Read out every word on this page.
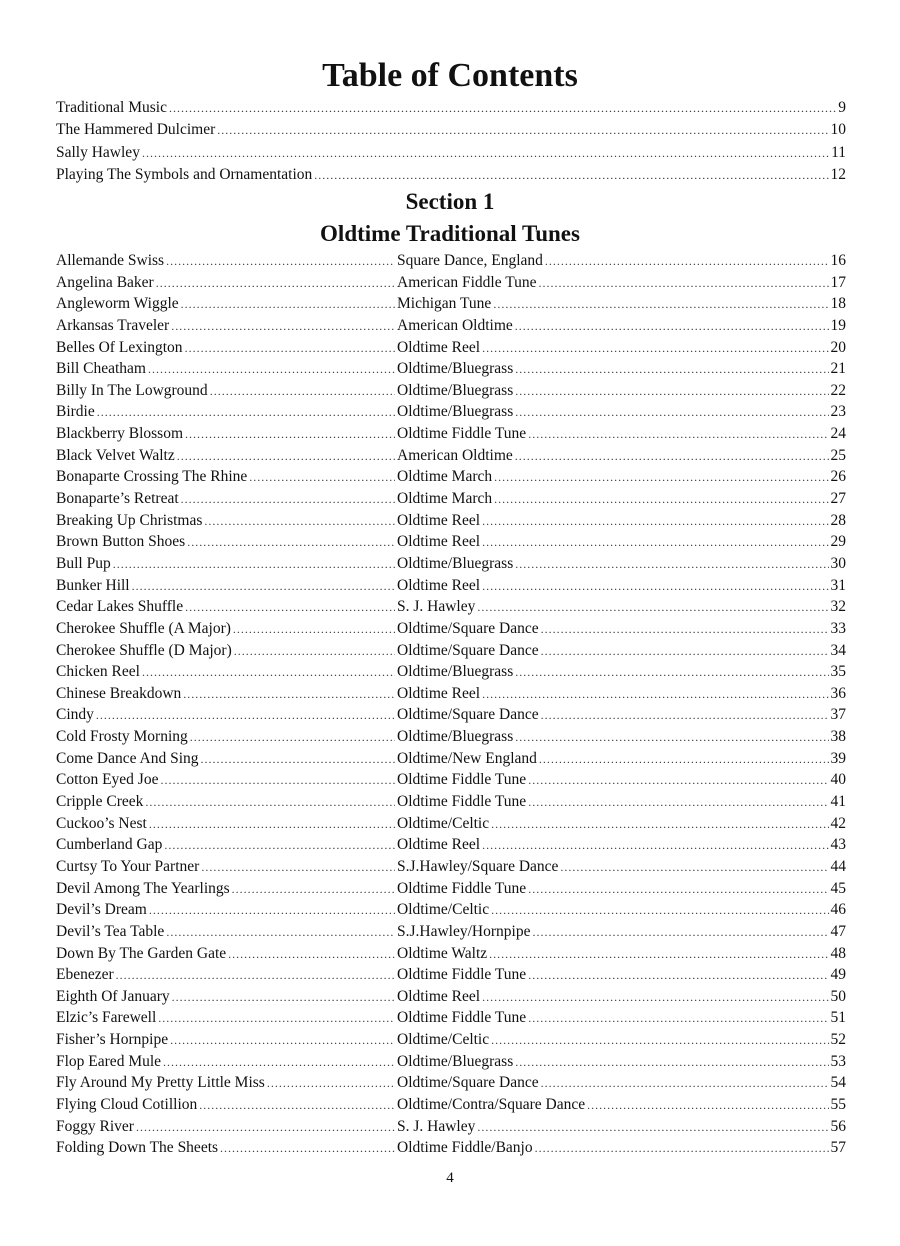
Table of Contents
Traditional Music .....	9
The Hammered Dulcimer .....	10
Sally Hawley .....	11
Playing The Symbols and Ornamentation .....	12
Section 1
Oldtime Traditional Tunes
Allemande Swiss .....	Square Dance, England .....	16
Angelina Baker .....	American Fiddle Tune .....	17
Angleworm Wiggle .....	Michigan Tune .....	18
Arkansas Traveler .....	American Oldtime .....	19
Belles Of Lexington .....	Oldtime Reel .....	20
Bill Cheatham .....	Oldtime/Bluegrass .....	21
Billy In The Lowground .....	Oldtime/Bluegrass .....	22
Birdie .....	Oldtime/Bluegrass .....	23
Blackberry Blossom .....	Oldtime Fiddle Tune .....	24
Black Velvet Waltz .....	American Oldtime .....	25
Bonaparte Crossing The Rhine .....	Oldtime March .....	26
Bonaparte’s Retreat .....	Oldtime March .....	27
Breaking Up Christmas .....	Oldtime Reel .....	28
Brown Button Shoes .....	Oldtime Reel .....	29
Bull Pup .....	Oldtime/Bluegrass .....	30
Bunker Hill .....	Oldtime Reel .....	31
Cedar Lakes Shuffle .....	S. J. Hawley .....	32
Cherokee Shuffle (A Major) .....	Oldtime/Square Dance .....	33
Cherokee Shuffle (D Major) .....	Oldtime/Square Dance .....	34
Chicken Reel .....	Oldtime/Bluegrass .....	35
Chinese Breakdown .....	Oldtime Reel .....	36
Cindy .....	Oldtime/Square Dance .....	37
Cold Frosty Morning .....	Oldtime/Bluegrass .....	38
Come Dance And Sing .....	Oldtime/New England .....	39
Cotton Eyed Joe .....	Oldtime Fiddle Tune .....	40
Cripple Creek .....	Oldtime Fiddle Tune .....	41
Cuckoo’s Nest .....	Oldtime/Celtic .....	42
Cumberland Gap .....	Oldtime Reel .....	43
Curtsy To Your Partner .....	S.J.Hawley/Square Dance .....	44
Devil Among The Yearlings .....	Oldtime Fiddle Tune .....	45
Devil’s Dream .....	Oldtime/Celtic .....	46
Devil’s Tea Table .....	S.J.Hawley/Hornpipe .....	47
Down By The Garden Gate .....	Oldtime Waltz .....	48
Ebenezer .....	Oldtime Fiddle Tune .....	49
Eighth Of January .....	Oldtime Reel .....	50
Elzic’s Farewell .....	Oldtime Fiddle Tune .....	51
Fisher’s Hornpipe .....	Oldtime/Celtic .....	52
Flop Eared Mule .....	Oldtime/Bluegrass .....	53
Fly Around My Pretty Little Miss .....	Oldtime/Square Dance .....	54
Flying Cloud Cotillion .....	Oldtime/Contra/Square Dance .....	55
Foggy River .....	S. J. Hawley .....	56
Folding Down The Sheets .....	Oldtime Fiddle/Banjo .....	57
4
